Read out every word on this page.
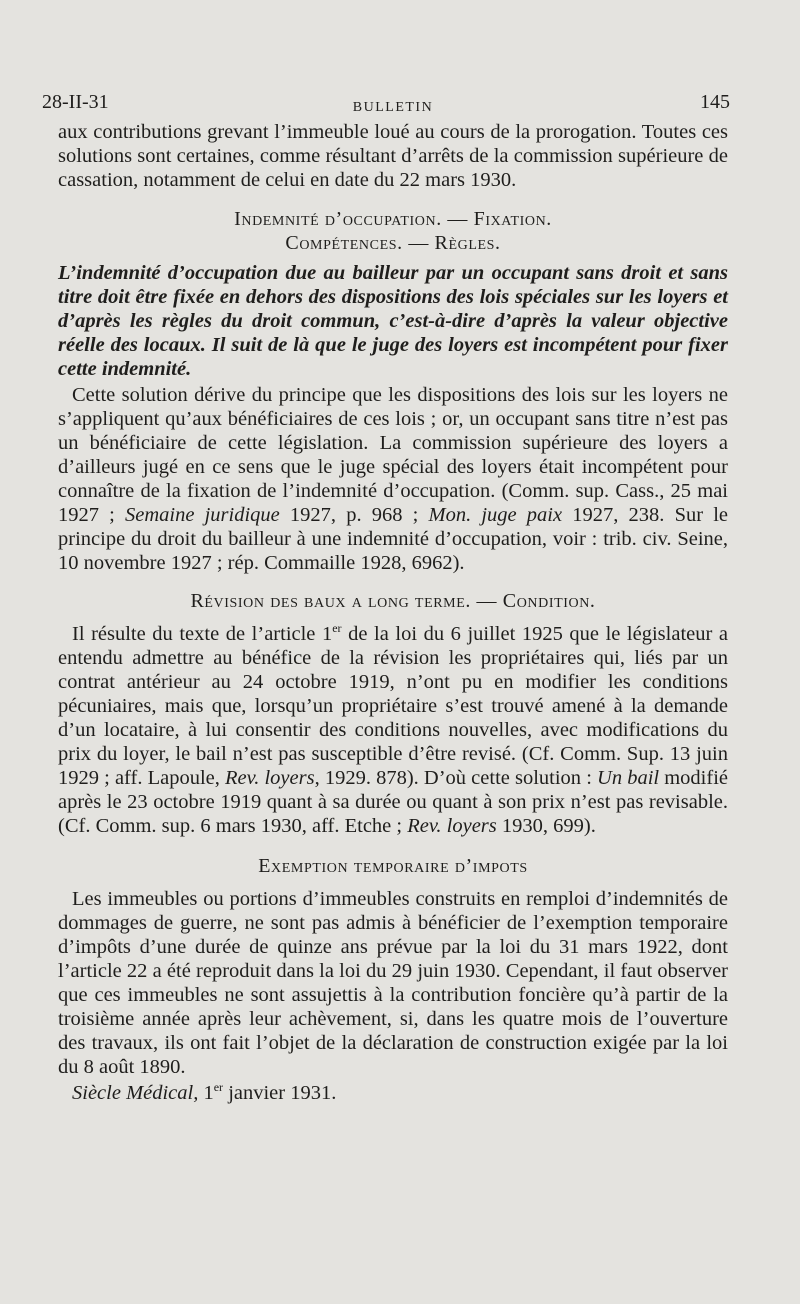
28-II-31	BULLETIN	145

aux contributions grevant l’immeuble loué au cours de la prorogation. Toutes ces solutions sont certaines, comme résultant d’arrêts de la commission supérieure de cassation, notamment de celui en date du 22 mars 1930.

Indemnité d’occupation. — Fixation.
Compétences. — Règles.

L’indemnité d’occupation due au bailleur par un occupant sans droit et sans titre doit être fixée en dehors des dispositions des lois spéciales sur les loyers et d’après les règles du droit commun, c’est-à-dire d’après la valeur objective réelle des locaux. Il suit de là que le juge des loyers est incompétent pour fixer cette indemnité.

Cette solution dérive du principe que les dispositions des lois sur les loyers ne s’appliquent qu’aux bénéficiaires de ces lois ; or, un occupant sans titre n’est pas un bénéficiaire de cette législation. La commission supérieure des loyers a d’ailleurs jugé en ce sens que le juge spécial des loyers était incompétent pour connaître de la fixation de l’indemnité d’occupation. (Comm. sup. Cass., 25 mai 1927 ; Semaine juridique 1927, p. 968 ; Mon. juge paix 1927, 238. Sur le principe du droit du bailleur à une indemnité d’occupation, voir : trib. civ. Seine, 10 novembre 1927 ; rép. Commaille 1928, 6962).

Révision des baux a long terme. — Condition.

Il résulte du texte de l’article 1er de la loi du 6 juillet 1925 que le législateur a entendu admettre au bénéfice de la révision les propriétaires qui, liés par un contrat antérieur au 24 octobre 1919, n’ont pu en modifier les conditions pécuniaires, mais que, lorsqu’un propriétaire s’est trouvé amené à la demande d’un locataire, à lui consentir des conditions nouvelles, avec modifications du prix du loyer, le bail n’est pas susceptible d’être revisé. (Cf. Comm. Sup. 13 juin 1929 ; aff. Lapoule, Rev. loyers, 1929. 878). D’où cette solution : Un bail modifié après le 23 octobre 1919 quant à sa durée ou quant à son prix n’est pas revisable. (Cf. Comm. sup. 6 mars 1930, aff. Etche ; Rev. loyers 1930, 699).

Exemption temporaire d’impots

Les immeubles ou portions d’immeubles construits en remploi d’indemnités de dommages de guerre, ne sont pas admis à bénéficier de l’exemption temporaire d’impôts d’une durée de quinze ans prévue par la loi du 31 mars 1922, dont l’article 22 a été reproduit dans la loi du 29 juin 1930. Cependant, il faut observer que ces immeubles ne sont assujettis à la contribution foncière qu’à partir de la troisième année après leur achèvement, si, dans les quatre mois de l’ouverture des travaux, ils ont fait l’objet de la déclaration de construction exigée par la loi du 8 août 1890.

Siècle Médical, 1er janvier 1931.
